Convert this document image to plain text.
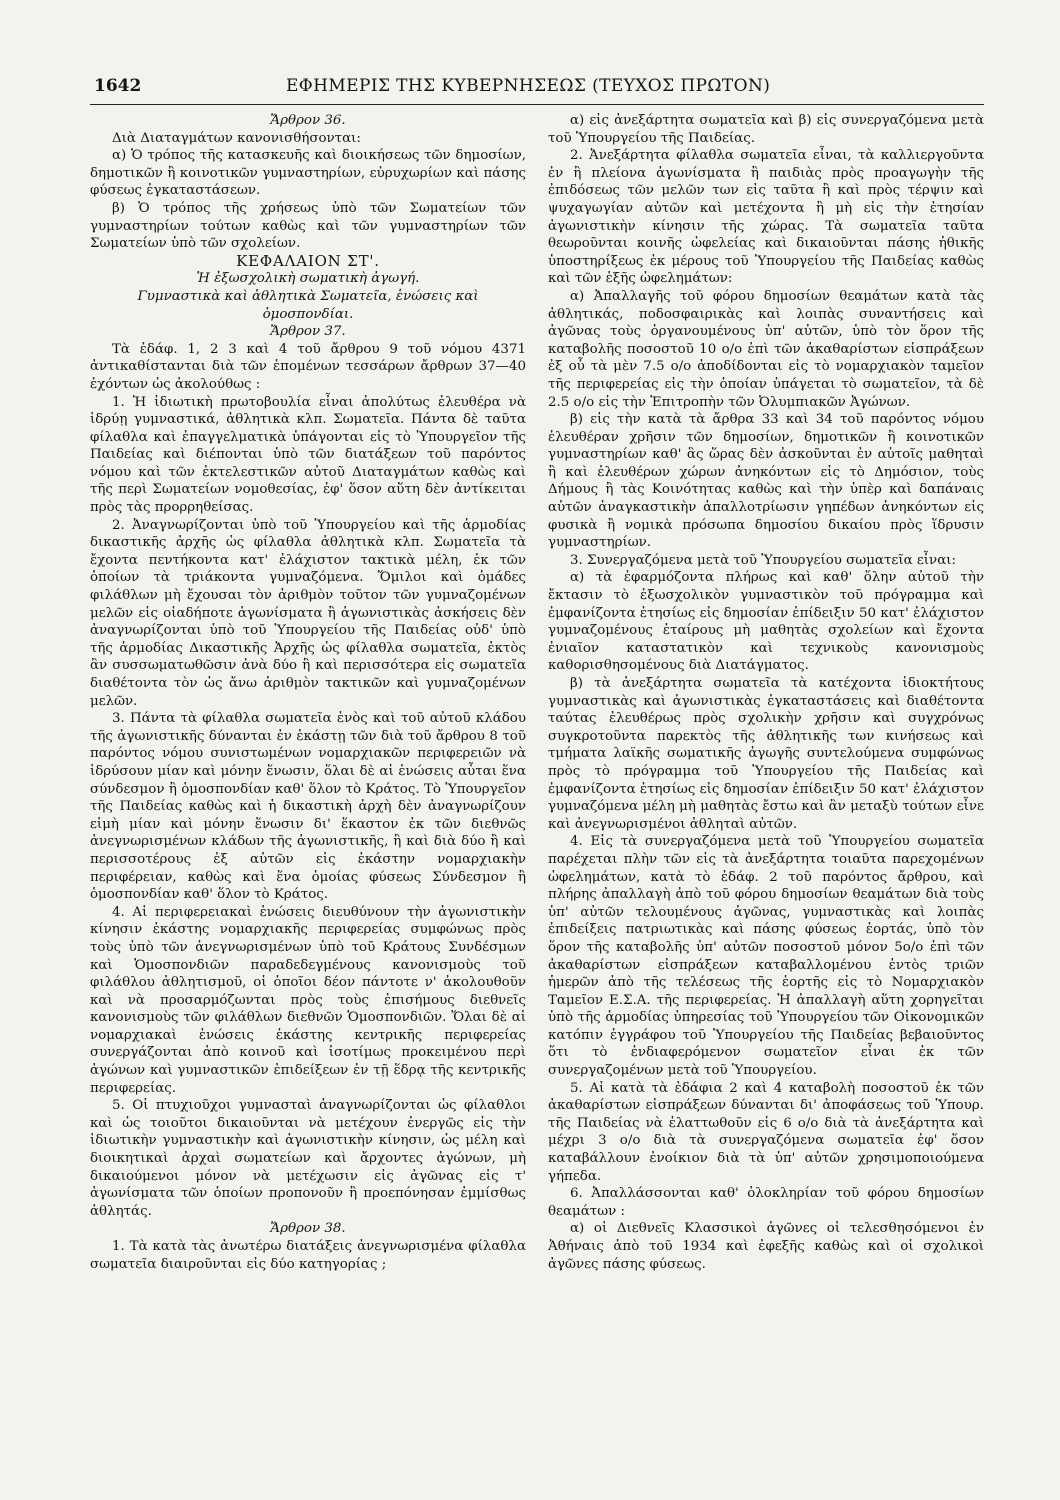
1642	ΕΦΗΜΕΡΙΣ ΤΗΣ ΚΥΒΕΡΝΗΣΕΩΣ (ΤΕΥΧΟΣ ΠΡΩΤΟΝ)

Ἄρθρον 36.

Διὰ Διαταγμάτων κανονισθήσονται:

α) Ὁ τρόπος τῆς κατασκευῆς καὶ διοικήσεως τῶν δημοσίων, δημοτικῶν ἢ κοινοτικῶν γυμναστηρίων, εὐρυχωρίων καὶ πάσης φύσεως ἐγκαταστάσεων.

β) Ὁ τρόπος τῆς χρήσεως ὑπὸ τῶν Σωματείων τῶν γυμναστηρίων τούτων καθὼς καὶ τῶν γυμναστηρίων τῶν Σωματείων ὑπὸ τῶν σχολείων.

ΚΕΦΑΛΑΙΟΝ ΣΤ'.

Ἡ ἐξωσχολικὴ σωματικὴ ἀγωγή.

Γυμναστικὰ καὶ ἀθλητικὰ Σωματεῖα, ἑνώσεις καὶ ὁμοσπονδίαι.

Ἄρθρον 37.

Τὰ ἐδάφ. 1, 2 3 καὶ 4 τοῦ ἄρθρου 9 τοῦ νόμου 4371 ἀντικαθίστανται διὰ τῶν ἑπομένων τεσσάρων ἄρθρων 37—40 ἐχόντων ὡς ἀκολούθως :

1. Ἡ ἰδιωτικὴ πρωτοβουλία εἶναι ἀπολύτως ἐλευθέρα νὰ ἱδρύῃ γυμναστικά, ἀθλητικὰ κλπ. Σωματεῖα. Πάντα δὲ ταῦτα φίλαθλα καὶ ἐπαγγελματικὰ ὑπάγονται εἰς τὸ Ὑπουργεῖον τῆς Παιδείας καὶ διέπονται ὑπὸ τῶν διατάξεων τοῦ παρόντος νόμου καὶ τῶν ἐκτελεστικῶν αὐτοῦ Διαταγμάτων καθὼς καὶ τῆς περὶ Σωματείων νομοθεσίας, ἐφ' ὅσον αὕτη δὲν ἀντίκειται πρὸς τὰς προρρηθείσας.

2. Ἀναγνωρίζονται ὑπὸ τοῦ Ὑπουργείου καὶ τῆς ἁρμοδίας δικαστικῆς ἀρχῆς ὡς φίλαθλα ἀθλητικὰ κλπ. Σωματεῖα τὰ ἔχοντα πεντήκοντα κατ' ἐλάχιστον τακτικὰ μέλη, ἐκ τῶν ὁποίων τὰ τριάκοντα γυμναζόμενα. Ὅμιλοι καὶ ὁμάδες φιλάθλων μὴ ἔχουσαι τὸν ἀριθμὸν τοῦτον τῶν γυμναζομένων μελῶν εἰς οἱαδήποτε ἀγωνίσματα ἢ ἀγωνιστικὰς ἀσκήσεις δὲν ἀναγνωρίζονται ὑπὸ τοῦ Ὑπουργείου τῆς Παιδείας οὐδ' ὑπὸ τῆς ἁρμοδίας Δικαστικῆς Ἀρχῆς ὡς φίλαθλα σωματεῖα, ἐκτὸς ἂν συσσωματωθῶσιν ἀνὰ δύο ἢ καὶ περισσότερα εἰς σωματεῖα διαθέτοντα τὸν ὡς ἄνω ἀριθμὸν τακτικῶν καὶ γυμναζομένων μελῶν.

3. Πάντα τὰ φίλαθλα σωματεῖα ἑνὸς καὶ τοῦ αὐτοῦ κλάδου τῆς ἀγωνιστικῆς δύνανται ἐν ἑκάστῃ τῶν διὰ τοῦ ἄρθρου 8 τοῦ παρόντος νόμου συνιστωμένων νομαρχιακῶν περιφερειῶν νὰ ἱδρύσουν μίαν καὶ μόνην ἕνωσιν, ὅλαι δὲ αἱ ἑνώσεις αὗται ἕνα σύνδεσμον ἢ ὁμοσπονδίαν καθ' ὅλον τὸ Κράτος. Τὸ Ὑπουργεῖον τῆς Παιδείας καθὼς καὶ ἡ δικαστικὴ ἀρχὴ δὲν ἀναγνωρίζουν εἰμὴ μίαν καὶ μόνην ἕνωσιν δι' ἕκαστον ἐκ τῶν διεθνῶς ἀνεγνωρισμένων κλάδων τῆς ἀγωνιστικῆς, ἢ καὶ διὰ δύο ἢ καὶ περισσοτέρους ἐξ αὐτῶν εἰς ἑκάστην νομαρχιακὴν περιφέρειαν, καθὼς καὶ ἕνα ὁμοίας φύσεως Σύνδεσμον ἢ ὁμοσπονδίαν καθ' ὅλον τὸ Κράτος.

4. Αἱ περιφερειακαὶ ἑνώσεις διευθύνουν τὴν ἀγωνιστικὴν κίνησιν ἑκάστης νομαρχιακῆς περιφερείας συμφώνως πρὸς τοὺς ὑπὸ τῶν ἀνεγνωρισμένων ὑπὸ τοῦ Κράτους Συνδέσμων καὶ Ὁμοσπονδιῶν παραδεδεγμένους κανονισμοὺς τοῦ φιλάθλου ἀθλητισμοῦ, οἱ ὁποῖοι δέον πάντοτε ν' ἀκολουθοῦν καὶ νὰ προσαρμόζωνται πρὸς τοὺς ἐπισήμους διεθνεῖς κανονισμοὺς τῶν φιλάθλων διεθνῶν Ὁμοσπονδιῶν. Ὅλαι δὲ αἱ νομαρχιακαὶ ἑνώσεις ἑκάστης κεντρικῆς περιφερείας συνεργάζονται ἀπὸ κοινοῦ καὶ ἰσοτίμως προκειμένου περὶ ἀγώνων καὶ γυμναστικῶν ἐπιδείξεων ἐν τῇ ἕδρᾳ τῆς κεντρικῆς περιφερείας.

5. Οἱ πτυχιοῦχοι γυμνασταὶ ἀναγνωρίζονται ὡς φίλαθλοι καὶ ὡς τοιοῦτοι δικαιοῦνται νὰ μετέχουν ἐνεργῶς εἰς τὴν ἰδιωτικὴν γυμναστικὴν καὶ ἀγωνιστικὴν κίνησιν, ὡς μέλη καὶ διοικητικαὶ ἀρχαὶ σωματείων καὶ ἄρχοντες ἀγώνων, μὴ δικαιούμενοι μόνον νὰ μετέχωσιν εἰς ἀγῶνας εἰς τ' ἀγωνίσματα τῶν ὁποίων προπονοῦν ἢ προεπόνησαν ἐμμίσθως ἀθλητάς.

Ἄρθρον 38.

1. Τὰ κατὰ τὰς ἀνωτέρω διατάξεις ἀνεγνωρισμένα φίλαθλα σωματεῖα διαιροῦνται εἰς δύο κατηγορίας ;

α) εἰς ἀνεξάρτητα σωματεῖα καὶ β) εἰς συνεργαζόμενα μετὰ τοῦ Ὑπουργείου τῆς Παιδείας.

2. Ἀνεξάρτητα φίλαθλα σωματεῖα εἶναι, τὰ καλλιεργοῦντα ἐν ἢ πλείονα ἀγωνίσματα ἢ παιδιὰς πρὸς προαγωγὴν τῆς ἐπιδόσεως τῶν μελῶν των εἰς ταῦτα ἢ καὶ πρὸς τέρψιν καὶ ψυχαγωγίαν αὐτῶν καὶ μετέχοντα ἢ μὴ εἰς τὴν ἐτησίαν ἀγωνιστικὴν κίνησιν τῆς χώρας. Τὰ σωματεῖα ταῦτα θεωροῦνται κοινῆς ὠφελείας καὶ δικαιοῦνται πάσης ἠθικῆς ὑποστηρίξεως ἐκ μέρους τοῦ Ὑπουργείου τῆς Παιδείας καθὼς καὶ τῶν ἑξῆς ὠφελημάτων:

α) Ἀπαλλαγῆς τοῦ φόρου δημοσίων θεαμάτων κατὰ τὰς ἀθλητικάς, ποδοσφαιρικὰς καὶ λοιπὰς συναντήσεις καὶ ἀγῶνας τοὺς ὀργανουμένους ὑπ' αὐτῶν, ὑπὸ τὸν ὅρον τῆς καταβολῆς ποσοστοῦ 10 ο/ο ἐπὶ τῶν ἀκαθαρίστων εἰσπράξεων ἐξ οὗ τὰ μὲν 7.5 ο/ο ἀποδίδονται εἰς τὸ νομαρχιακὸν ταμεῖον τῆς περιφερείας εἰς τὴν ὁποίαν ὑπάγεται τὸ σωματεῖον, τὰ δὲ 2.5 ο/ο εἰς τὴν Ἐπιτροπὴν τῶν Ὀλυμπιακῶν Ἀγώνων.

β) εἰς τὴν κατὰ τὰ ἄρθρα 33 καὶ 34 τοῦ παρόντος νόμου ἐλευθέραν χρῆσιν τῶν δημοσίων, δημοτικῶν ἢ κοινοτικῶν γυμναστηρίων καθ' ἃς ὥρας δὲν ἀσκοῦνται ἐν αὐτοῖς μαθηταὶ ἢ καὶ ἐλευθέρων χώρων ἀνηκόντων εἰς τὸ Δημόσιον, τοὺς Δήμους ἢ τὰς Κοινότητας καθὼς καὶ τὴν ὑπὲρ καὶ δαπάναις αὐτῶν ἀναγκαστικὴν ἀπαλλοτρίωσιν γηπέδων ἀνηκόντων εἰς φυσικὰ ἢ νομικὰ πρόσωπα δημοσίου δικαίου πρὸς ἵδρυσιν γυμναστηρίων.

3. Συνεργαζόμενα μετὰ τοῦ Ὑπουργείου σωματεῖα εἶναι:

α) τὰ ἐφαρμόζοντα πλήρως καὶ καθ' ὅλην αὐτοῦ τὴν ἔκτασιν τὸ ἐξωσχολικὸν γυμναστικὸν τοῦ πρόγραμμα καὶ ἐμφανίζοντα ἐτησίως εἰς δημοσίαν ἐπίδειξιν 50 κατ' ἐλάχιστον γυμναζομένους ἑταίρους μὴ μαθητὰς σχολείων καὶ ἔχοντα ἐνιαῖον καταστατικὸν καὶ τεχνικοὺς κανονισμοὺς καθορισθησομένους διὰ Διατάγματος.

β) τὰ ἀνεξάρτητα σωματεῖα τὰ κατέχοντα ἰδιοκτήτους γυμναστικὰς καὶ ἀγωνιστικὰς ἐγκαταστάσεις καὶ διαθέτοντα ταύτας ἐλευθέρως πρὸς σχολικὴν χρῆσιν καὶ συγχρόνως συγκροτοῦντα παρεκτὸς τῆς ἀθλητικῆς των κινήσεως καὶ τμήματα λαϊκῆς σωματικῆς ἀγωγῆς συντελούμενα συμφώνως πρὸς τὸ πρόγραμμα τοῦ Ὑπουργείου τῆς Παιδείας καὶ ἐμφανίζοντα ἐτησίως εἰς δημοσίαν ἐπίδειξιν 50 κατ' ἐλάχιστον γυμναζόμενα μέλη μὴ μαθητὰς ἔστω καὶ ἂν μεταξὺ τούτων εἶνε καὶ ἀνεγνωρισμένοι ἀθληταὶ αὐτῶν.

4. Εἰς τὰ συνεργαζόμενα μετὰ τοῦ Ὑπουργείου σωματεῖα παρέχεται πλὴν τῶν εἰς τὰ ἀνεξάρτητα τοιαῦτα παρεχομένων ὠφελημάτων, κατὰ τὸ ἐδάφ. 2 τοῦ παρόντος ἄρθρου, καὶ πλήρης ἀπαλλαγὴ ἀπὸ τοῦ φόρου δημοσίων θεαμάτων διὰ τοὺς ὑπ' αὐτῶν τελουμένους ἀγῶνας, γυμναστικὰς καὶ λοιπὰς ἐπιδείξεις πατριωτικὰς καὶ πάσης φύσεως ἑορτάς, ὑπὸ τὸν ὅρον τῆς καταβολῆς ὑπ' αὐτῶν ποσοστοῦ μόνον 5ο/ο ἐπὶ τῶν ἀκαθαρίστων εἰσπράξεων καταβαλλομένου ἐντὸς τριῶν ἡμερῶν ἀπὸ τῆς τελέσεως τῆς ἑορτῆς εἰς τὸ Νομαρχιακὸν Ταμεῖον Ε.Σ.Α. τῆς περιφερείας. Ἡ ἀπαλλαγὴ αὕτη χορηγεῖται ὑπὸ τῆς ἁρμοδίας ὑπηρεσίας τοῦ Ὑπουργείου τῶν Οἰκονομικῶν κατόπιν ἐγγράφου τοῦ Ὑπουργείου τῆς Παιδείας βεβαιοῦντος ὅτι τὸ ἐνδιαφερόμενον σωματεῖον εἶναι ἐκ τῶν συνεργαζομένων μετὰ τοῦ Ὑπουργείου.

5. Αἱ κατὰ τὰ ἐδάφια 2 καὶ 4 καταβολὴ ποσοστοῦ ἐκ τῶν ἀκαθαρίστων εἰσπράξεων δύνανται δι' ἀποφάσεως τοῦ Ὑπουρ. τῆς Παιδείας νὰ ἐλαττωθοῦν εἰς 6 ο/ο διὰ τὰ ἀνεξάρτητα καὶ μέχρι 3 ο/ο διὰ τὰ συνεργαζόμενα σωματεῖα ἐφ' ὅσον καταβάλλουν ἐνοίκιον διὰ τὰ ὑπ' αὐτῶν χρησιμοποιούμενα γήπεδα.

6. Ἀπαλλάσσονται καθ' ὁλοκληρίαν τοῦ φόρου δημοσίων θεαμάτων :

α) οἱ Διεθνεῖς Κλασσικοὶ ἀγῶνες οἱ τελεσθησόμενοι ἐν Ἀθήναις ἀπὸ τοῦ 1934 καὶ ἐφεξῆς καθὼς καὶ οἱ σχολικοὶ ἀγῶνες πάσης φύσεως.
